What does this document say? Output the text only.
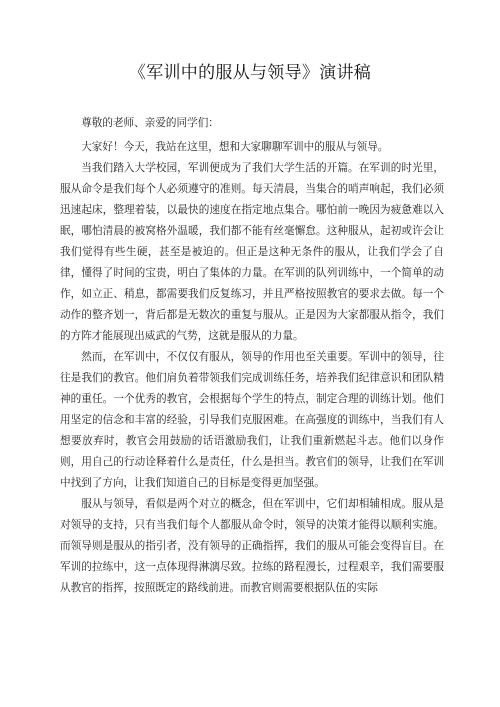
《军训中的服从与领导》演讲稿

尊敬的老师、亲爱的同学们：

大家好！今天，我站在这里，想和大家聊聊军训中的服从与领导。

当我们踏入大学校园，军训便成为了我们大学生活的开篇。在军训的时光里，服从命令是我们每个人必须遵守的准则。每天清晨，当集合的哨声响起，我们必须迅速起床，整理着装，以最快的速度在指定地点集合。哪怕前一晚因为疲惫难以入眠，哪怕清晨的被窝格外温暖，我们都不能有丝毫懈怠。这种服从，起初或许会让我们觉得有些生硬，甚至是被迫的。但正是这种无条件的服从，让我们学会了自律，懂得了时间的宝贵，明白了集体的力量。在军训的队列训练中，一个简单的动作，如立正、稍息，都需要我们反复练习，并且严格按照教官的要求去做。每一个动作的整齐划一，背后都是无数次的重复与服从。正是因为大家都服从指令，我们的方阵才能展现出威武的气势，这就是服从的力量。

然而，在军训中，不仅仅有服从，领导的作用也至关重要。军训中的领导，往往是我们的教官。他们肩负着带领我们完成训练任务，培养我们纪律意识和团队精神的重任。一个优秀的教官，会根据每个学生的特点，制定合理的训练计划。他们用坚定的信念和丰富的经验，引导我们克服困难。在高强度的训练中，当我们有人想要放弃时，教官会用鼓励的话语激励我们，让我们重新燃起斗志。他们以身作则，用自己的行动诠释着什么是责任，什么是担当。教官们的领导，让我们在军训中找到了方向，让我们知道自己的目标是变得更加坚强。

服从与领导，看似是两个对立的概念，但在军训中，它们却相辅相成。服从是对领导的支持，只有当我们每个人都服从命令时，领导的决策才能得以顺利实施。而领导则是服从的指引者，没有领导的正确指挥，我们的服从可能会变得盲目。在军训的拉练中，这一点体现得淋漓尽致。拉练的路程漫长，过程艰辛，我们需要服从教官的指挥，按照既定的路线前进。而教官则需要根据队伍的实际
